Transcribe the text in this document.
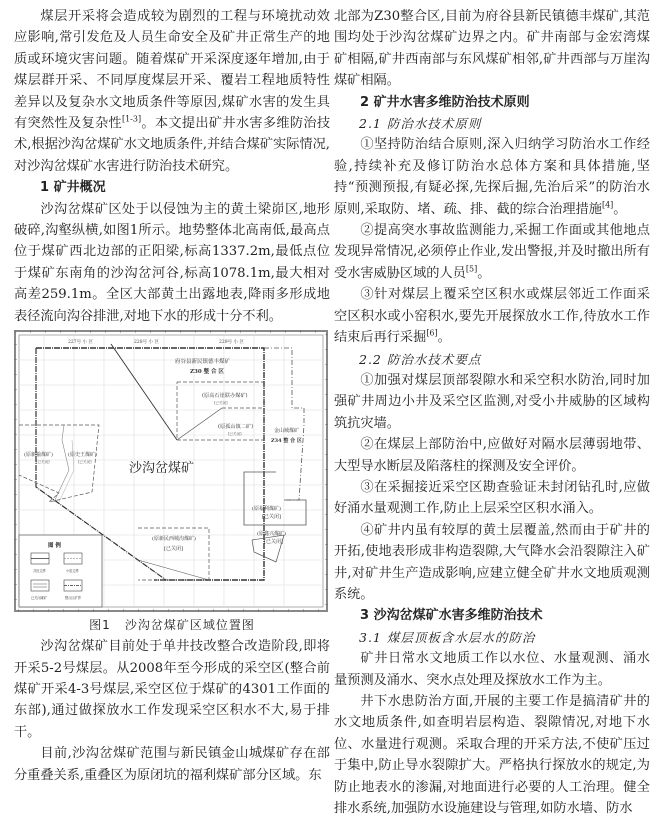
煤层开采将会造成较为剧烈的工程与环境扰动效应影响,常引发危及人员生命安全及矿井正常生产的地质或环境灾害问题。随着煤矿开采深度逐年增加,由于煤层群开采、不同厚度煤层开采、覆岩工程地质特性差异以及复杂水文地质条件等原因,煤矿水害的发生具有突然性及复杂性[1-3]。本文提出矿井水害多维防治技术,根据沙沟岔煤矿水文地质条件,并结合煤矿实际情况,对沙沟岔煤矿水害进行防治技术研究。

1 矿井概况

沙沟岔煤矿区处于以侵蚀为主的黄土梁峁区,地形破碎,沟壑纵横,如图1所示。地势整体北高南低,最高点位于煤矿西北边部的正阳梁,标高1337.2m,最低点位于煤矿东南角的沙沟岔河谷,标高1078.1m,最大相对高差259.1m。全区大部黄土出露地表,降雨多形成地表径流向沟谷排泄,对地下水的形成十分不利。

227号 小 区	228号 小 区	229号 小 区
府谷县新民镇德丰煤矿
Z30 整 合 区
(原高石崖联办煤矿)
[已关闭]
(原孤山镇二矿)
[已关闭]	金山城煤矿
Z34 整 合 区
(原新榆煤矿)
[已关闭]
(原史王煤矿)
[已关闭]
(原新民西城沟煤矿)
[已关闭]
(原福利煤矿)
[已关闭]
(原鑫兴煤矿)
[已关闭]
沙沟岔煤矿
图 例
井田边界	小窑边界
已关闭煤矿	整合区矿界
图1 沙沟岔煤矿区域位置图

沙沟岔煤矿目前处于单井技改整合改造阶段,即将开采5-2号煤层。从2008年至今形成的采空区(整合前煤矿开采4-3号煤层,采空区位于煤矿的4301工作面的东部),通过做探放水工作发现采空区积水不大,易于排干。

目前,沙沟岔煤矿范围与新民镇金山城煤矿存在部分重叠关系,重叠区为原闭坑的福利煤矿部分区域。东

北部为Z30整合区,目前为府谷县新民镇德丰煤矿,其范围均处于沙沟岔煤矿边界之内。矿井南部与金宏湾煤矿相隔,矿井西南部与东风煤矿相邻,矿井西部与万崖沟煤矿相隔。

2 矿井水害多维防治技术原则

2.1 防治水技术原则

①坚持防治结合原则,深入归纳学习防治水工作经验,持续补充及修订防治水总体方案和具体措施,坚持“预测预报,有疑必探,先探后掘,先治后采”的防治水原则,采取防、堵、疏、排、截的综合治理措施[4]。

②提高突水事故监测能力,采掘工作面或其他地点发现异常情况,必须停止作业,发出警报,并及时撤出所有受水害威胁区域的人员[5]。

③针对煤层上覆采空区积水或煤层邻近工作面采空区积水或小窑积水,要先开展探放水工作,待放水工作结束后再行采掘[6]。

2.2 防治水技术要点

①加强对煤层顶部裂隙水和采空积水防治,同时加强矿井周边小井及采空区监测,对受小井威胁的区域构筑抗灾墙。

②在煤层上部防治中,应做好对隔水层薄弱地带、大型导水断层及陷落柱的探测及安全评价。

③在采掘接近采空区勘查验证未封闭钻孔时,应做好涌水量观测工作,防止上层采空区积水涌入。

④矿井内虽有较厚的黄土层覆盖,然而由于矿井的开拓,使地表形成非构造裂隙,大气降水会沿裂隙注入矿井,对矿井生产造成影响,应建立健全矿井水文地质观测系统。

3 沙沟岔煤矿水害多维防治技术

3.1 煤层顶板含水层水的防治

矿井日常水文地质工作以水位、水量观测、涌水量预测及涌水、突水点处理及探放水工作为主。

井下水患防治方面,开展的主要工作是搞清矿井的水文地质条件,如查明岩层构造、裂隙情况,对地下水位、水量进行观测。采取合理的开采方法,不使矿压过于集中,防止导水裂隙扩大。严格执行探放水的规定,为防止地表水的渗漏,对地面进行必要的人工治理。健全排水系统,加强防水设施建设与管理,如防水墙、防水
